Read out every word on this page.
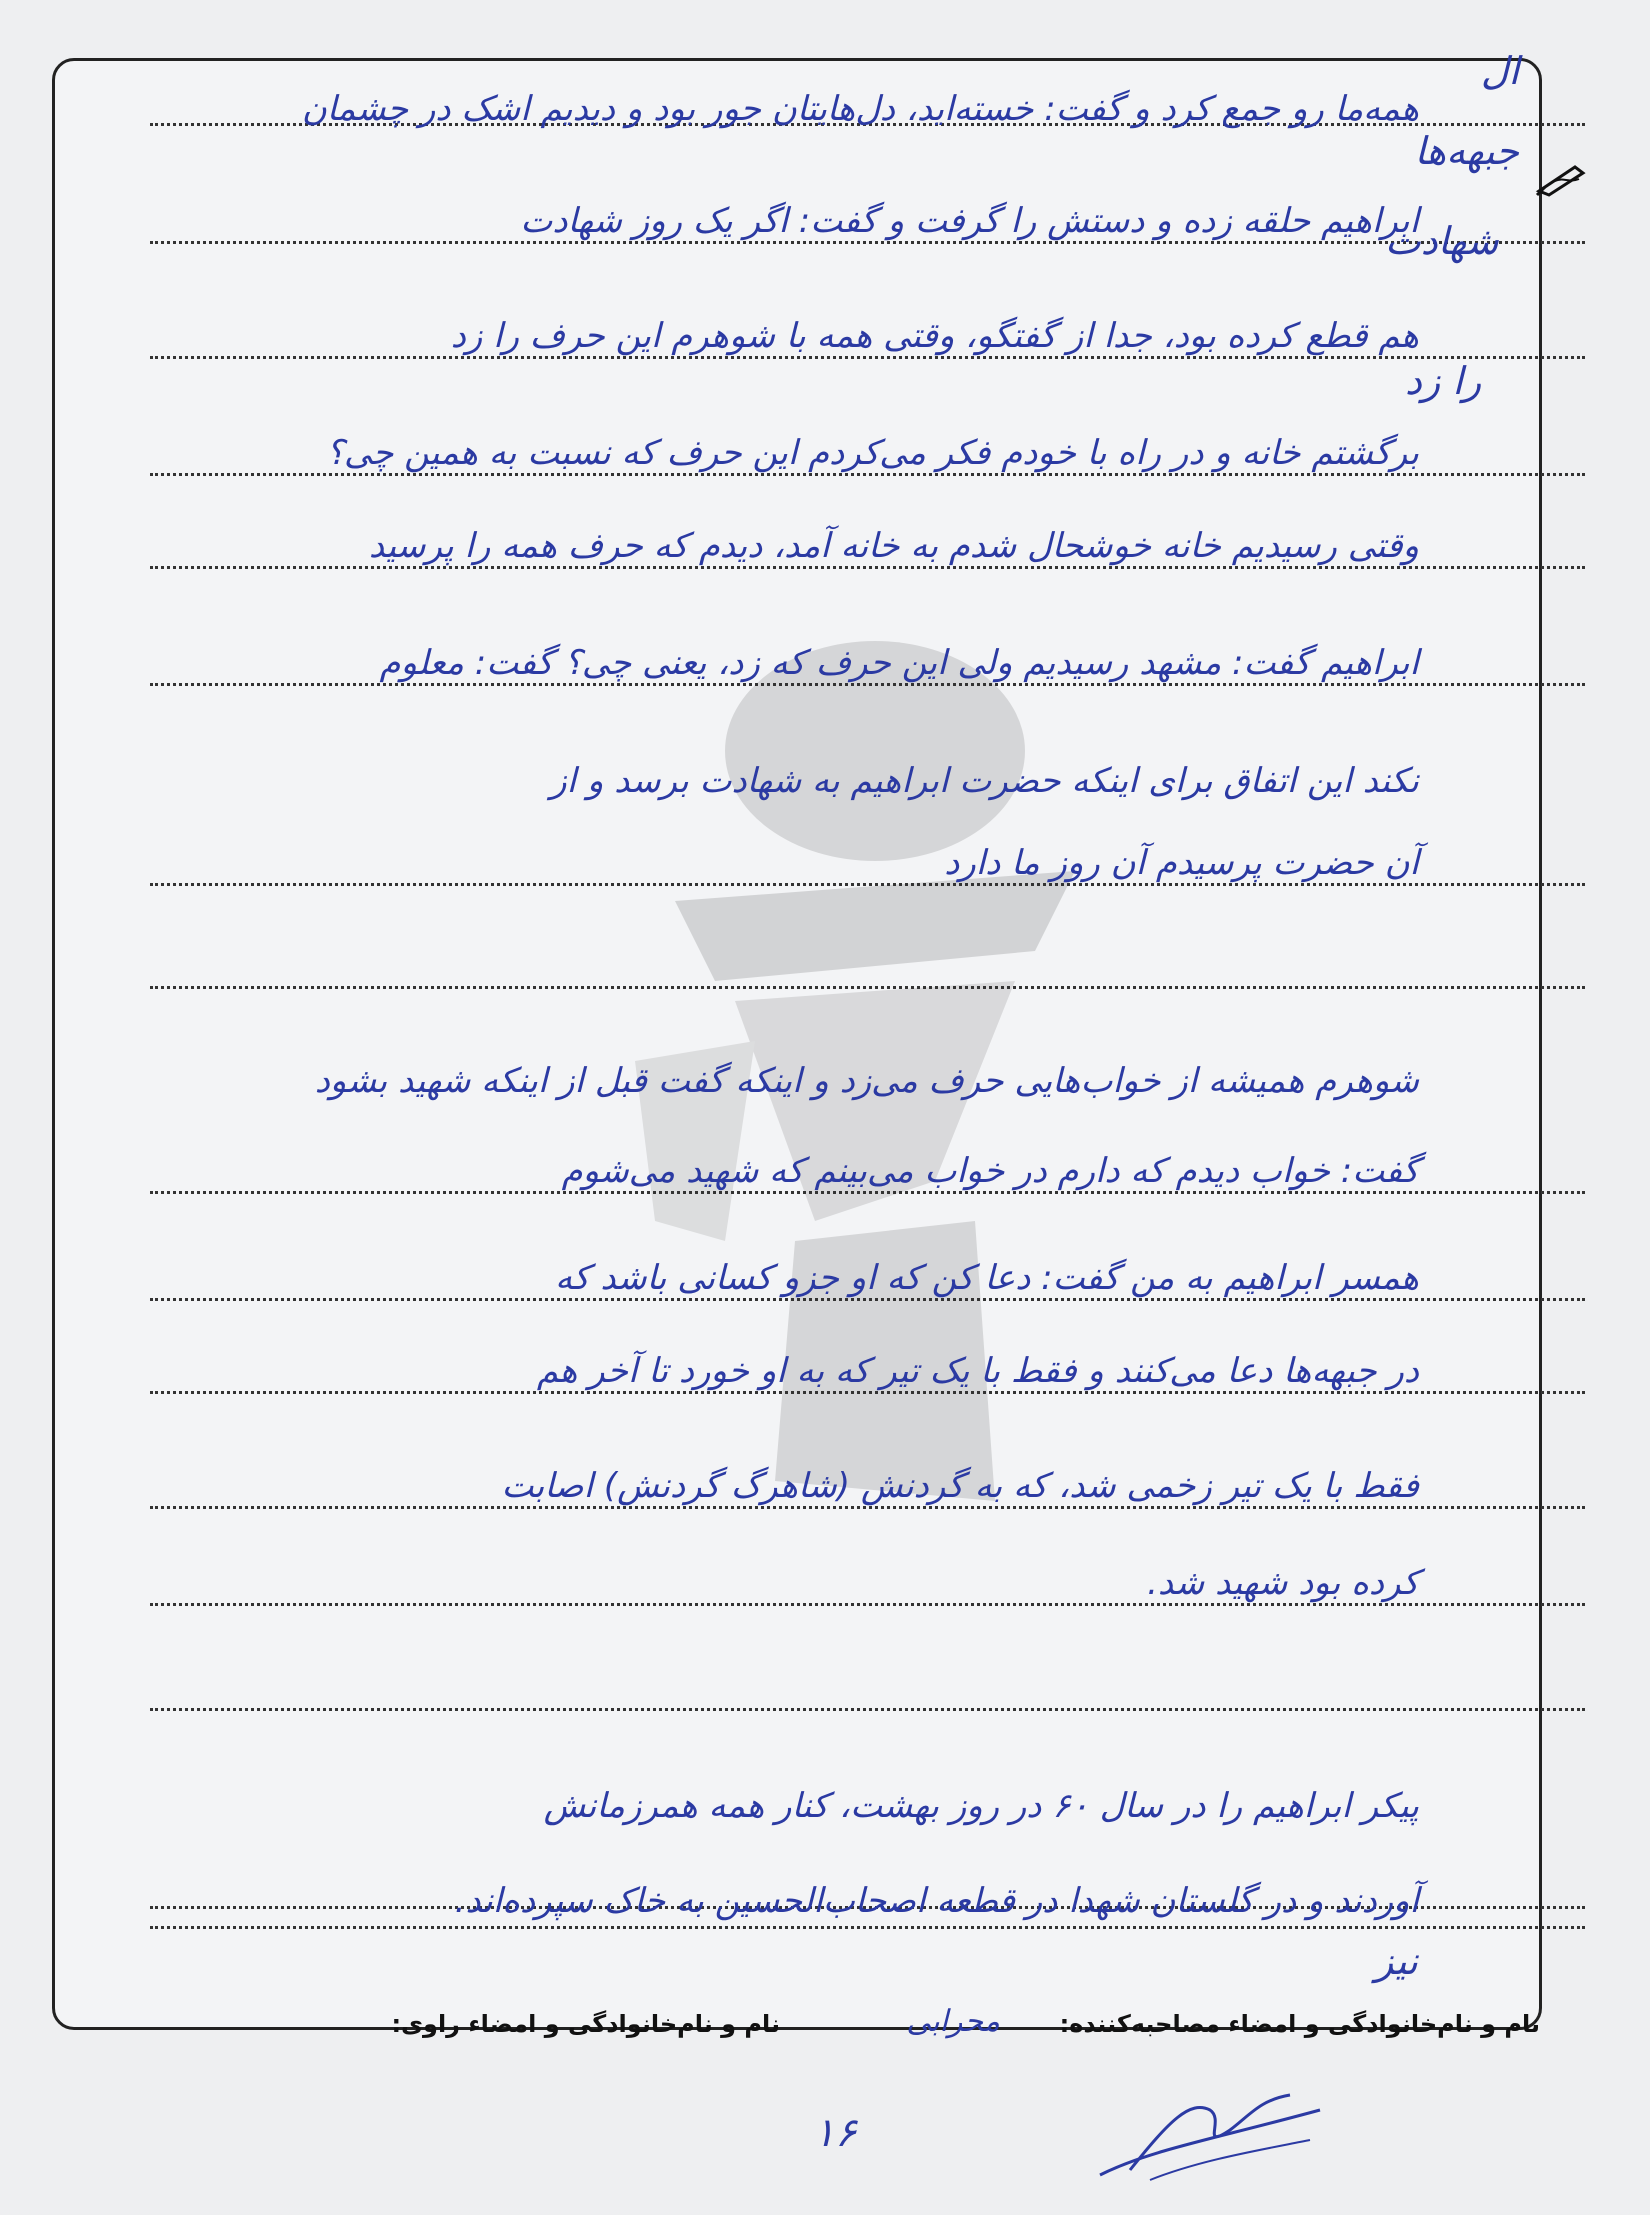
همه‌ما رو جمع کرد و گفت: خسته‌اید، دل‌هایتان جور بود و دیدیم اشک در چشمان
ابراهیم حلقه زده و دستش را گرفت و گفت: اگر یک روز شهادت
هم قطع کرده بود، جدا از گفتگو، وقتی همه با شوهرم این حرف را زد
برگشتم خانه و در راه با خودم فکر می‌کردم این حرف که نسبت به همین چی؟
وقتی رسیدیم خانه خوشحال شدم به خانه آمد، دیدم که حرف همه را پرسید
ابراهیم گفت: مشهد رسیدیم ولی این حرف که زد، یعنی چی؟ گفت: معلوم
نکند این اتفاق برای اینکه حضرت ابراهیم به شهادت برسد و از
آن حضرت پرسیدم آن روز ما دارد
شوهرم همیشه از خواب‌هایی حرف می‌زد و اینکه گفت قبل از اینکه شهید بشود
گفت: خواب دیدم که دارم در خواب می‌بینم که شهید می‌شوم
همسر ابراهیم به من گفت: دعا کن که او جزو کسانی باشد که
در جبهه‌ها دعا می‌کنند و فقط با یک تیر که به او خورد تا آخر هم
فقط با یک تیر زخمی شد، که به گردنش (شاهرگ گردنش) اصابت
کرده بود شهید شد.
پیکر ابراهیم را در سال ۶۰ در روز بهشت، کنار همه همرزمانش
آوردند و در گلستان شهدا در قطعه اصحاب‌الحسین به خاک سپرده‌اند.
ال
جبهه‌ها
شهادت
را زد
نیز
نام و نام‌خانوادگی و امضاء مصاحبه‌کننده:
محرابی
نام و نام‌خانوادگی و امضاء راوی:
۱۶
